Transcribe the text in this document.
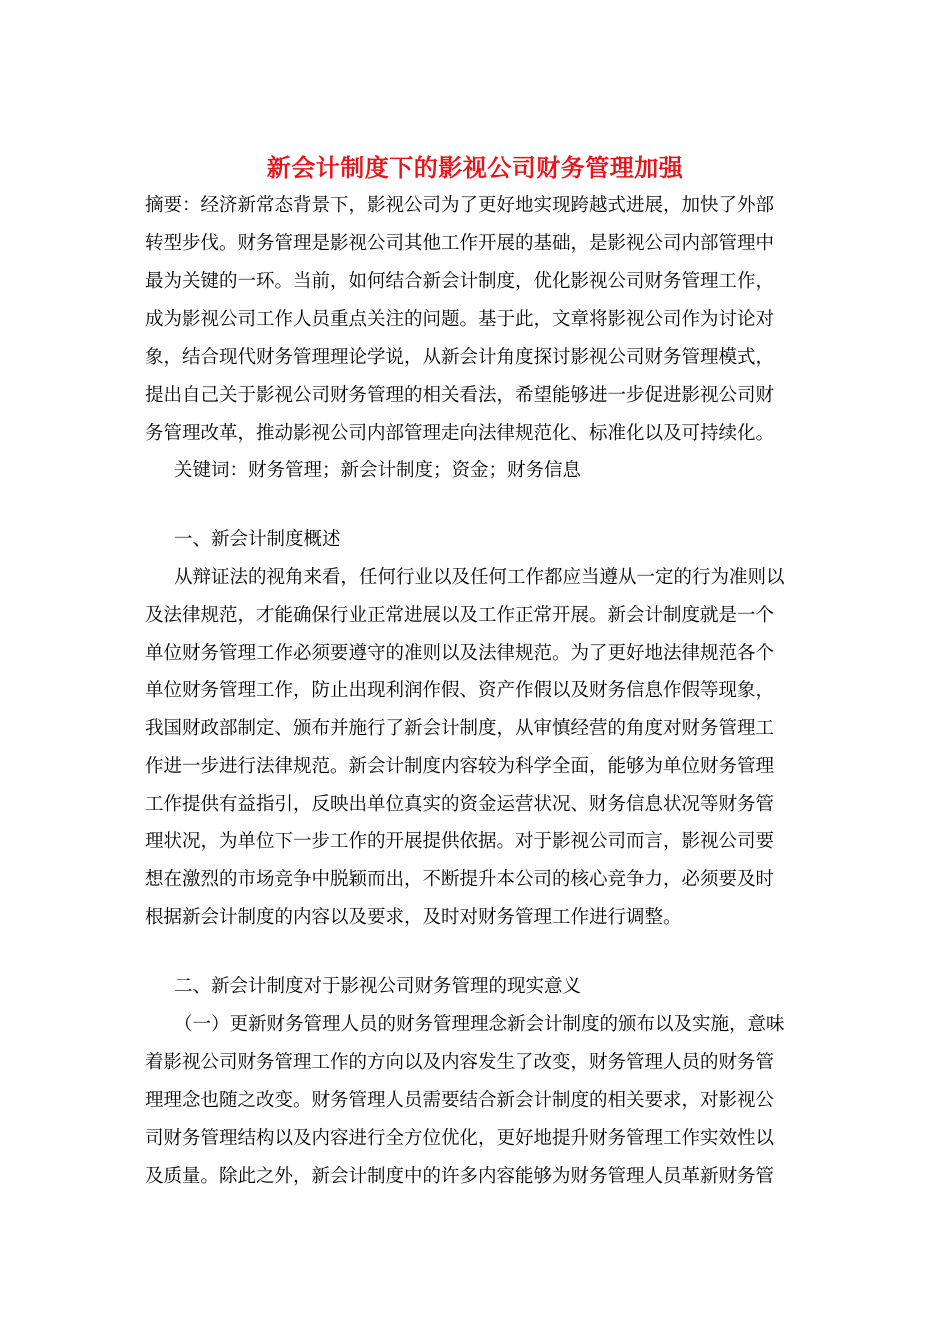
新会计制度下的影视公司财务管理加强
摘要：经济新常态背景下，影视公司为了更好地实现跨越式进展，加快了外部
转型步伐。财务管理是影视公司其他工作开展的基础，是影视公司内部管理中
最为关键的一环。当前，如何结合新会计制度，优化影视公司财务管理工作，
成为影视公司工作人员重点关注的问题。基于此，文章将影视公司作为讨论对
象，结合现代财务管理理论学说，从新会计角度探讨影视公司财务管理模式，
提出自己关于影视公司财务管理的相关看法，希望能够进一步促进影视公司财
务管理改革，推动影视公司内部管理走向法律规范化、标准化以及可持续化。
关键词：财务管理；新会计制度；资金；财务信息
一、新会计制度概述
从辩证法的视角来看，任何行业以及任何工作都应当遵从一定的行为准则以
及法律规范，才能确保行业正常进展以及工作正常开展。新会计制度就是一个
单位财务管理工作必须要遵守的准则以及法律规范。为了更好地法律规范各个
单位财务管理工作，防止出现利润作假、资产作假以及财务信息作假等现象，
我国财政部制定、颁布并施行了新会计制度，从审慎经营的角度对财务管理工
作进一步进行法律规范。新会计制度内容较为科学全面，能够为单位财务管理
工作提供有益指引，反映出单位真实的资金运营状况、财务信息状况等财务管
理状况，为单位下一步工作的开展提供依据。对于影视公司而言，影视公司要
想在激烈的市场竞争中脱颖而出，不断提升本公司的核心竞争力，必须要及时
根据新会计制度的内容以及要求，及时对财务管理工作进行调整。
二、新会计制度对于影视公司财务管理的现实意义
（一）更新财务管理人员的财务管理理念新会计制度的颁布以及实施，意味
着影视公司财务管理工作的方向以及内容发生了改变，财务管理人员的财务管
理理念也随之改变。财务管理人员需要结合新会计制度的相关要求，对影视公
司财务管理结构以及内容进行全方位优化，更好地提升财务管理工作实效性以
及质量。除此之外，新会计制度中的许多内容能够为财务管理人员革新财务管
